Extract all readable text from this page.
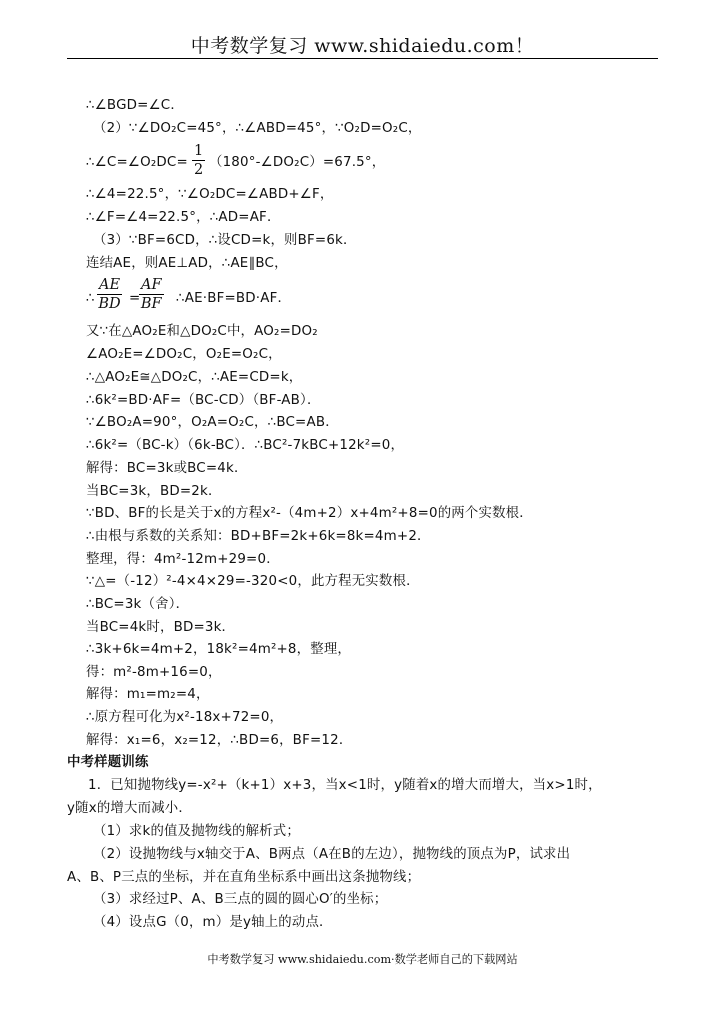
中考数学复习 www.shidaiedu.com！
∴∠BGD=∠C．
（2）∵∠DO₂C=45°，∴∠ABD=45°，∵O₂D=O₂C，
∴∠C=∠O₂DC= $\frac{1}{2}$ （180°-∠DO₂C）=67.5°，
∴∠4=22.5°，∵∠O₂DC=∠ABD+∠F，
∴∠F=∠4=22.5°，∴AD=AF．
（3）∵BF=6CD，∴设CD=k，则BF=6k．
连结AE，则AE⊥AD，∴AE∥BC，
∴ $\frac{AE}{BD}$ =
$\frac{AF}{BF}$ ∴AE·BF=BD·AF．
又∵在△AO₂E和△DO₂C中，AO₂=DO₂
∠AO₂E=∠DO₂C，O₂E=O₂C，
∴△AO₂E≅△DO₂C，∴AE=CD=k，
∴6k²=BD·AF=（BC-CD）（BF-AB）．
∵∠BO₂A=90°，O₂A=O₂C，∴BC=AB．
∴6k²=（BC-k）（6k-BC）．∴BC²-7kBC+12k²=0，
解得：BC=3k或BC=4k．
当BC=3k，BD=2k．
∵BD、BF的长是关于x的方程x²-（4m+2）x+4m²+8=0的两个实数根．
∴由根与系数的关系知：BD+BF=2k+6k=8k=4m+2．
整理，得：4m²-12m+29=0．
∵△=（-12）²-4×4×29=-320<0，此方程无实数根．
∴BC=3k（舍）．
当BC=4k时，BD=3k．
∴3k+6k=4m+2，18k²=4m²+8，整理，
得：m²-8m+16=0，
解得：m₁=m₂=4，
∴原方程可化为x²-18x+72=0，
解得：x₁=6，x₂=12，∴BD=6，BF=12．
中考样题训练
1．已知抛物线y=-x²+（k+1）x+3，当x<1时，y随着x的增大而增大，当x>1时，
y随x的增大而减小．
（1）求k的值及抛物线的解析式；
（2）设抛物线与x轴交于A、B两点（A在B的左边），抛物线的顶点为P，试求出
A、B、P三点的坐标，并在直角坐标系中画出这条抛物线；
（3）求经过P、A、B三点的圆的圆心O′的坐标；
（4）设点G（0，m）是y轴上的动点．
中考数学复习 www.shidaiedu.com·数学老师自己的下载网站
